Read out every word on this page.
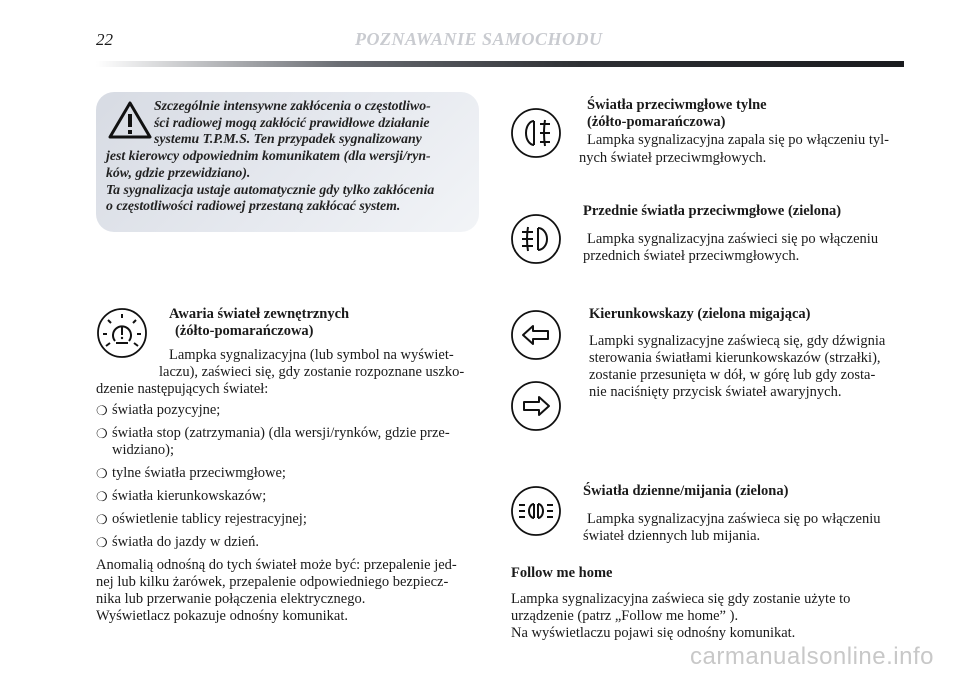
22	POZNAWANIE SAMOCHODU
Szczególnie intensywne zakłócenia o częstotliwo-
ści radiowej mogą zakłócić prawidłowe działanie
systemu T.P.M.S. Ten przypadek sygnalizowany
jest kierowcy odpowiednim komunikatem (dla wersji/ryn-
ków, gdzie przewidziano).
Ta sygnalizacja ustaje automatycznie gdy tylko zakłócenia
o częstotliwości radiowej przestaną zakłócać system.
Awaria świateł zewnętrznych
(żółto-pomarańczowa)
Lampka sygnalizacyjna (lub symbol na wyświet-
laczu), zaświeci się, gdy zostanie rozpoznane uszko-
dzenie następujących świateł:
❍ światła pozycyjne;
❍ światła stop (zatrzymania) (dla wersji/rynków, gdzie prze-
widziano);
❍ tylne światła przeciwmgłowe;
❍ światła kierunkowskazów;
❍ oświetlenie tablicy rejestracyjnej;
❍ światła do jazdy w dzień.
Anomalią odnośną do tych świateł może być: przepalenie jed-
nej lub kilku żarówek, przepalenie odpowiedniego bezpiecz-
nika lub przerwanie połączenia elektrycznego.
Wyświetlacz pokazuje odnośny komunikat.
Światła przeciwmgłowe tylne
(żółto-pomarańczowa)
Lampka sygnalizacyjna zapala się po włączeniu tyl-
nych świateł przeciwmgłowych.
Przednie światła przeciwmgłowe (zielona)
Lampka sygnalizacyjna zaświeci się po włączeniu
przednich świateł przeciwmgłowych.
Kierunkowskazy (zielona migająca)
Lampki sygnalizacyjne zaświecą się, gdy dźwignia
sterowania światłami kierunkowskazów (strzałki),
zostanie przesunięta w dół, w górę lub gdy zosta-
nie naciśnięty przycisk świateł awaryjnych.
Światła dzienne/mijania (zielona)
Lampka sygnalizacyjna zaświeca się po włączeniu
świateł dziennych lub mijania.
Follow me home
Lampka sygnalizacyjna zaświeca się gdy zostanie użyte to
urządzenie (patrz „Follow me home” ).
Na wyświetlaczu pojawi się odnośny komunikat.
carmanualsonline.info
